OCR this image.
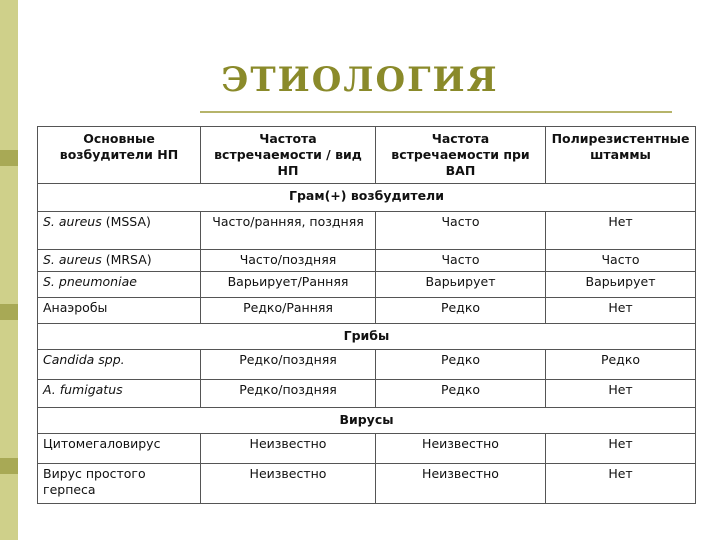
ЭТИОЛОГИЯ
Основные возбудители НП	Частота встречаемости / вид НП	Частота встречаемости при ВАП	Полирезистентные штаммы
Грам(+) возбудители			
S. aureus (MSSA)	Часто/ранняя, поздняя	Часто	Нет
S. aureus (MRSA)	Часто/поздняя	Часто	Часто
S. pneumoniae	Варьирует/Ранняя	Варьирует	Варьирует
Анаэробы	Редко/Ранняя	Редко	Нет
Грибы			
Candida spp.	Редко/поздняя	Редко	Редко
A. fumigatus	Редко/поздняя	Редко	Нет
Вирусы			
Цитомегаловирус	Неизвестно	Неизвестно	Нет
Вирус простого герпеса	Неизвестно	Неизвестно	Нет
